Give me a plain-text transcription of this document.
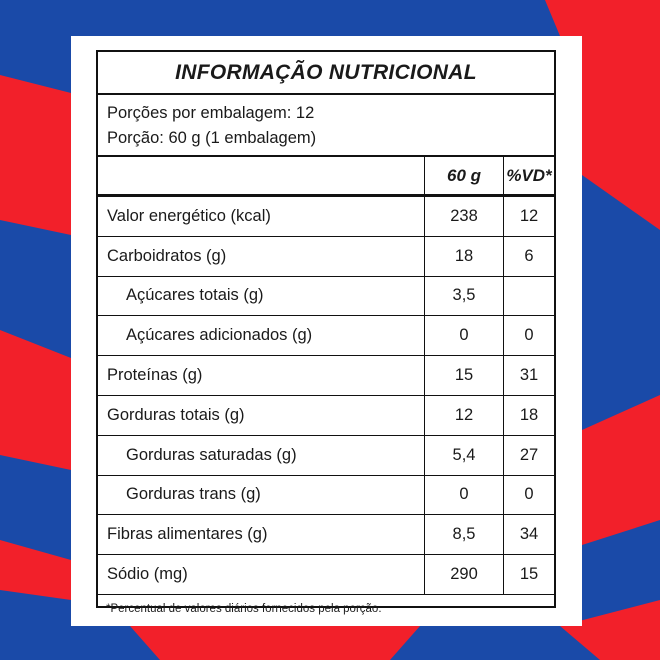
INFORMAÇÃO NUTRICIONAL
Porções por embalagem: 12
Porção: 60 g (1 embalagem)
	60 g	%VD*
Valor energético (kcal)	238	12
Carboidratos (g)	18	6
Açúcares totais (g)	3,5	
Açúcares adicionados (g)	0	0
Proteínas (g)	15	31
Gorduras totais (g)	12	18
Gorduras saturadas (g)	5,4	27
Gorduras trans (g)	0	0
Fibras alimentares (g)	8,5	34
Sódio (mg)	290	15
*Percentual de valores diários fornecidos pela porção.
